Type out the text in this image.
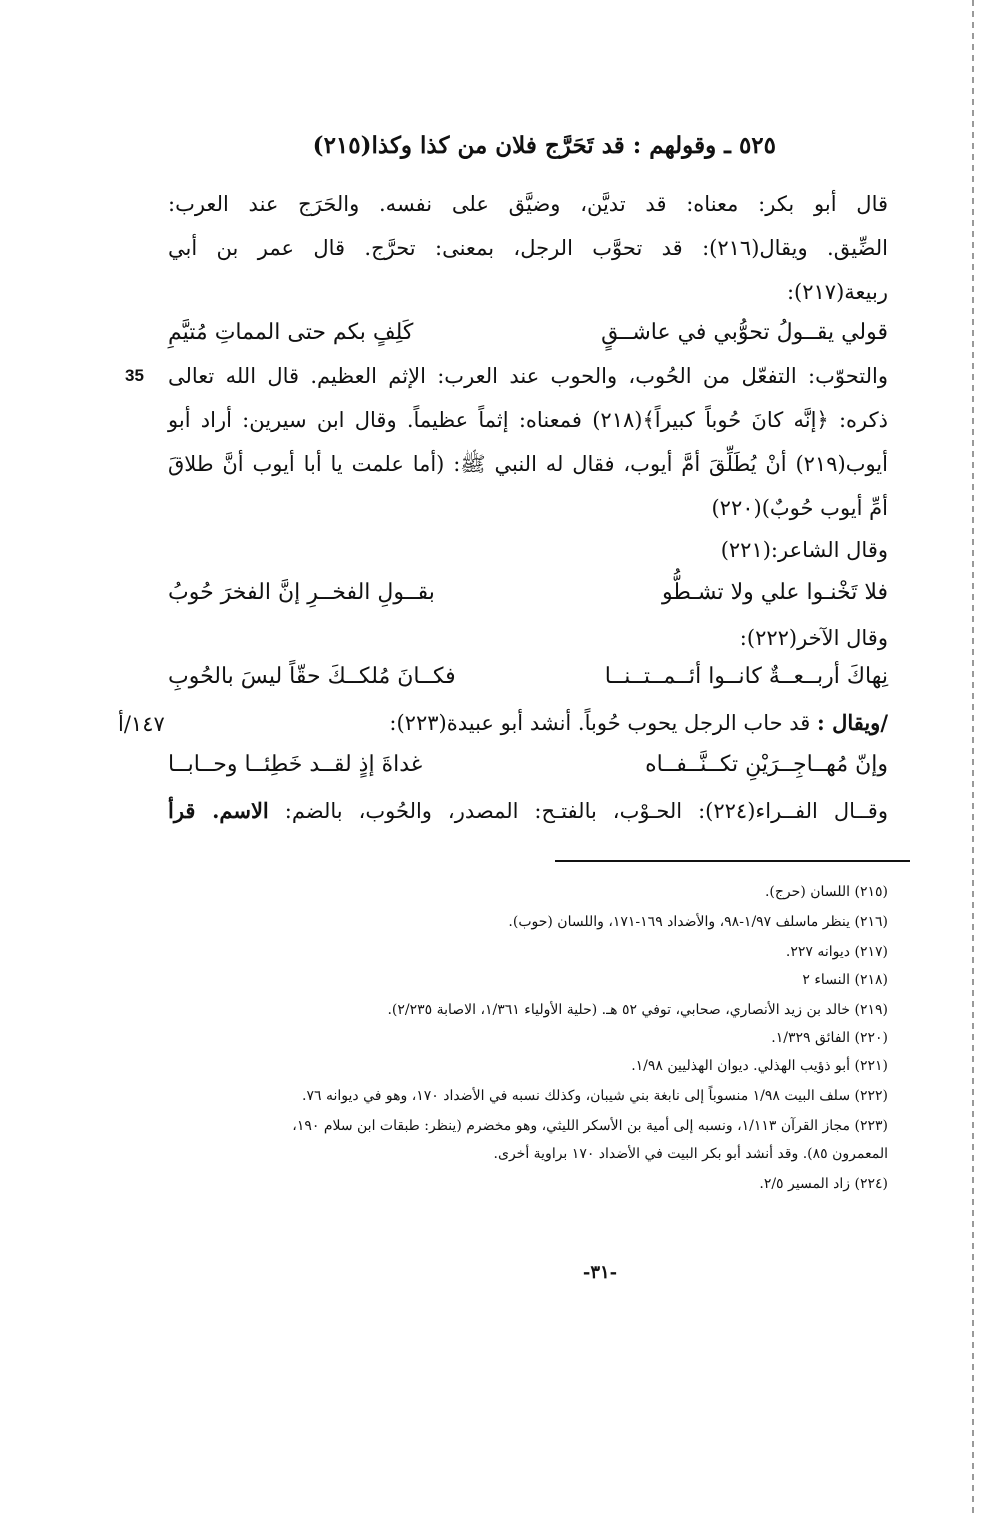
٥٢٥ ـ وقولهم : قد تَحَرَّج فلان من كذا وكذا(٢١٥)
قال أبو بكر: معناه: قد تديَّن، وضيَّق على نفسه. والحَرَج عند العرب:
الضِّيق. ويقال(٢١٦): قد تحوَّب الرجل، بمعنى: تحرَّج. قال عمر بن أبي
ربيعة(٢١٧):
قولي يقــولُ تحوُّبي في عاشــقٍ
كَلِفٍ بكم حتى المماتِ مُتيَّمِ
35 والتحوّب: التفعّل من الحُوب، والحوب عند العرب: الإثم العظيم. قال الله تعالى
ذكره: ﴿إنَّه كانَ حُوباً كبيراً﴾(٢١٨) فمعناه: إثماً عظيماً. وقال ابن سيرين: أراد أبو
أيوب(٢١٩) أنْ يُطَلِّقَ أمَّ أيوب، فقال له النبي ﷺ: (أما علمت يا أبا أيوب أنَّ طلاقَ
أمِّ أيوب حُوبٌ)(٢٢٠)
وقال الشاعر:(٢٢١)
فلا تَخْنـوا علي ولا تشـطُّو
بقــولِ الفخــرِ إنَّ الفخرَ حُوبُ
وقال الآخر(٢٢٢):
نِهاكَ أربــعــةٌ كانــوا أئــمــتــنــا
فكــانَ مُلكــكَ حقّاً ليسَ بالحُوبِ
١٤٧/أ	/ويقال : قد حاب الرجل يحوب حُوباً. أنشد أبو عبيدة(٢٢٣):
وإنّ مُهــاجِــرَيْنِ تكــنَّــفــاه
غداةَ إذٍ لقــد خَطِئــا وحــابــا
وقــال الفــراء(٢٢٤): الحـوْب، بالفتـح: المصدر، والحُوب، بالضم: الاسم. قرأ
(٢١٥) اللسان (حرج).
(٢١٦) ينظر ماسلف ١/٩٧-٩٨، والأضداد ١٦٩-١٧١، واللسان (حوب).
(٢١٧) ديوانه ٢٢٧.
(٢١٨) النساء ٢
(٢١٩) خالد بن زيد الأنصاري، صحابي، توفي ٥٢ هـ. (حلية الأولياء ١/٣٦١، الاصابة ٢/٢٣٥).
(٢٢٠) الفائق ١/٣٢٩.
(٢٢١) أبو ذؤيب الهذلي. ديوان الهذليين ١/٩٨.
(٢٢٢) سلف البيت ١/٩٨ منسوباً إلى نابغة بني شيبان، وكذلك نسبه في الأضداد ١٧٠، وهو في ديوانه ٧٦.
(٢٢٣) مجاز القرآن ١/١١٣، ونسبه إلى أمية بن الأسكر الليثي، وهو مخضرم (ينظر: طبقات ابن سلام ١٩٠،
المعمرون ٨٥). وقد أنشد أبو بكر البيت في الأضداد ١٧٠ براوية أخرى.
(٢٢٤) زاد المسير ٢/٥.
-٣١-
